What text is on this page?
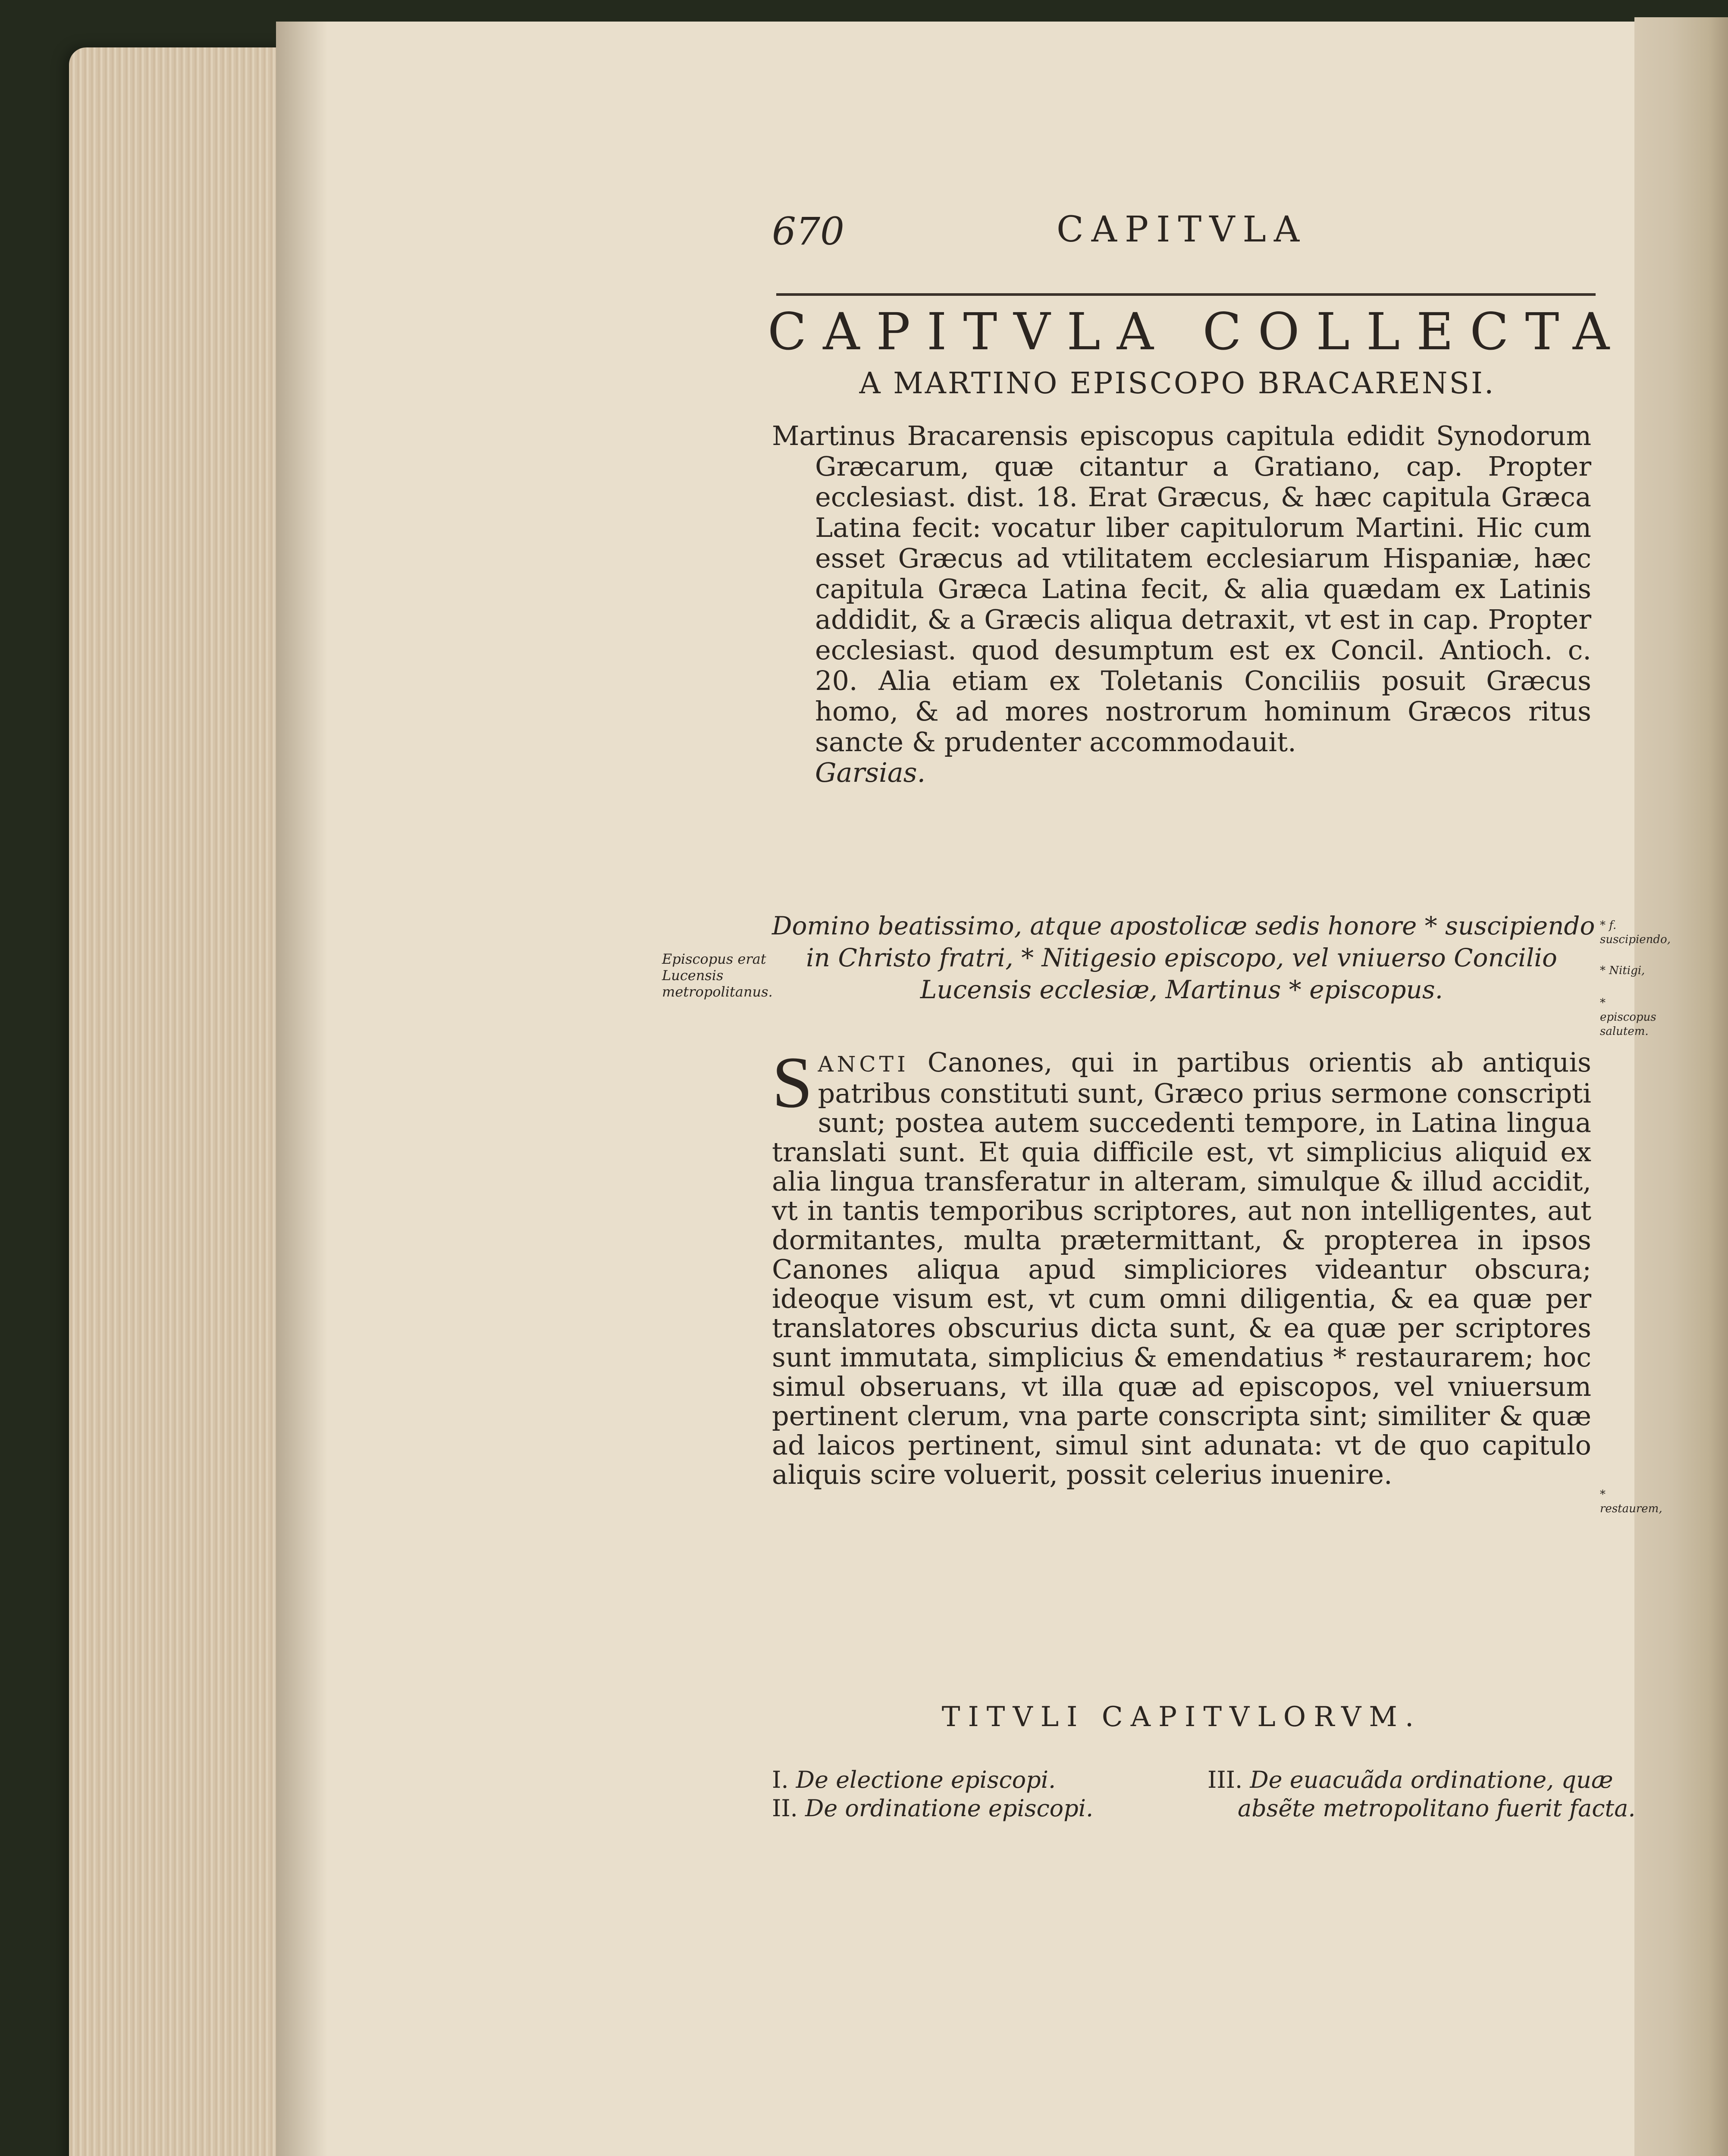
670	CAPITVLA
CAPITVLA COLLECTA
A MARTINO EPISCOPO BRACARENSI.
Martinus Bracarensis episcopus capitula edidit Synodorum Græcarum, quæ citantur a Gratiano, cap. Propter ecclesiast. dist. 18. Erat Græcus, & hæc capitula Græca Latina fecit: vocatur liber capitulorum Martini. Hic cum esset Græcus ad vtilitatem ecclesiarum Hispaniæ, hæc capitula Græca Latina fecit, & alia quædam ex Latinis addidit, & a Græcis aliqua detraxit, vt est in cap. Propter ecclesiast. quod desumptum est ex Concil. Antioch. c. 20. Alia etiam ex Toletanis Conciliis posuit Græcus homo, & ad mores nostrorum hominum Græcos ritus sancte & prudenter accommodauit.
Garsias.
Episcopus erat Lucensis metropolitanus.
Domino beatissimo, atque apostolicæ sedis honore * suscipiendo
in Christo fratri, * Nitigesio episcopo, vel vniuerso Concilio
Lucensis ecclesiæ, Martinus * episcopus.
* f. suscipiendo,
* Nitigi,
* episcopus salutem.
* restaurem,
SANCTI Canones, qui in partibus orientis ab antiquis patribus constituti sunt, Græco prius sermone conscripti sunt; postea autem succedenti tempore, in Latina lingua translati sunt. Et quia difficile est, vt simplicius aliquid ex alia lingua transferatur in alteram, simulque & illud accidit, vt in tantis temporibus scriptores, aut non intelligentes, aut dormitantes, multa prætermittant, & propterea in ipsos Canones aliqua apud simpliciores videantur obscura; ideoque visum est, vt cum omni diligentia, & ea quæ per translatores obscurius dicta sunt, & ea quæ per scriptores sunt immutata, simplicius & emendatius * restaurarem; hoc simul obseruans, vt illa quæ ad episcopos, vel vniuersum pertinent clerum, vna parte conscripta sint; similiter & quæ ad laicos pertinent, simul sint adunata: vt de quo capitulo aliquis scire voluerit, possit celerius inuenire.
TITVLI CAPITVLORVM.
I. De electione episcopi.
II. De ordinatione episcopi.
III. De euacuãda ordinatione, quæ
absẽte metropolitano fuerit facta.
